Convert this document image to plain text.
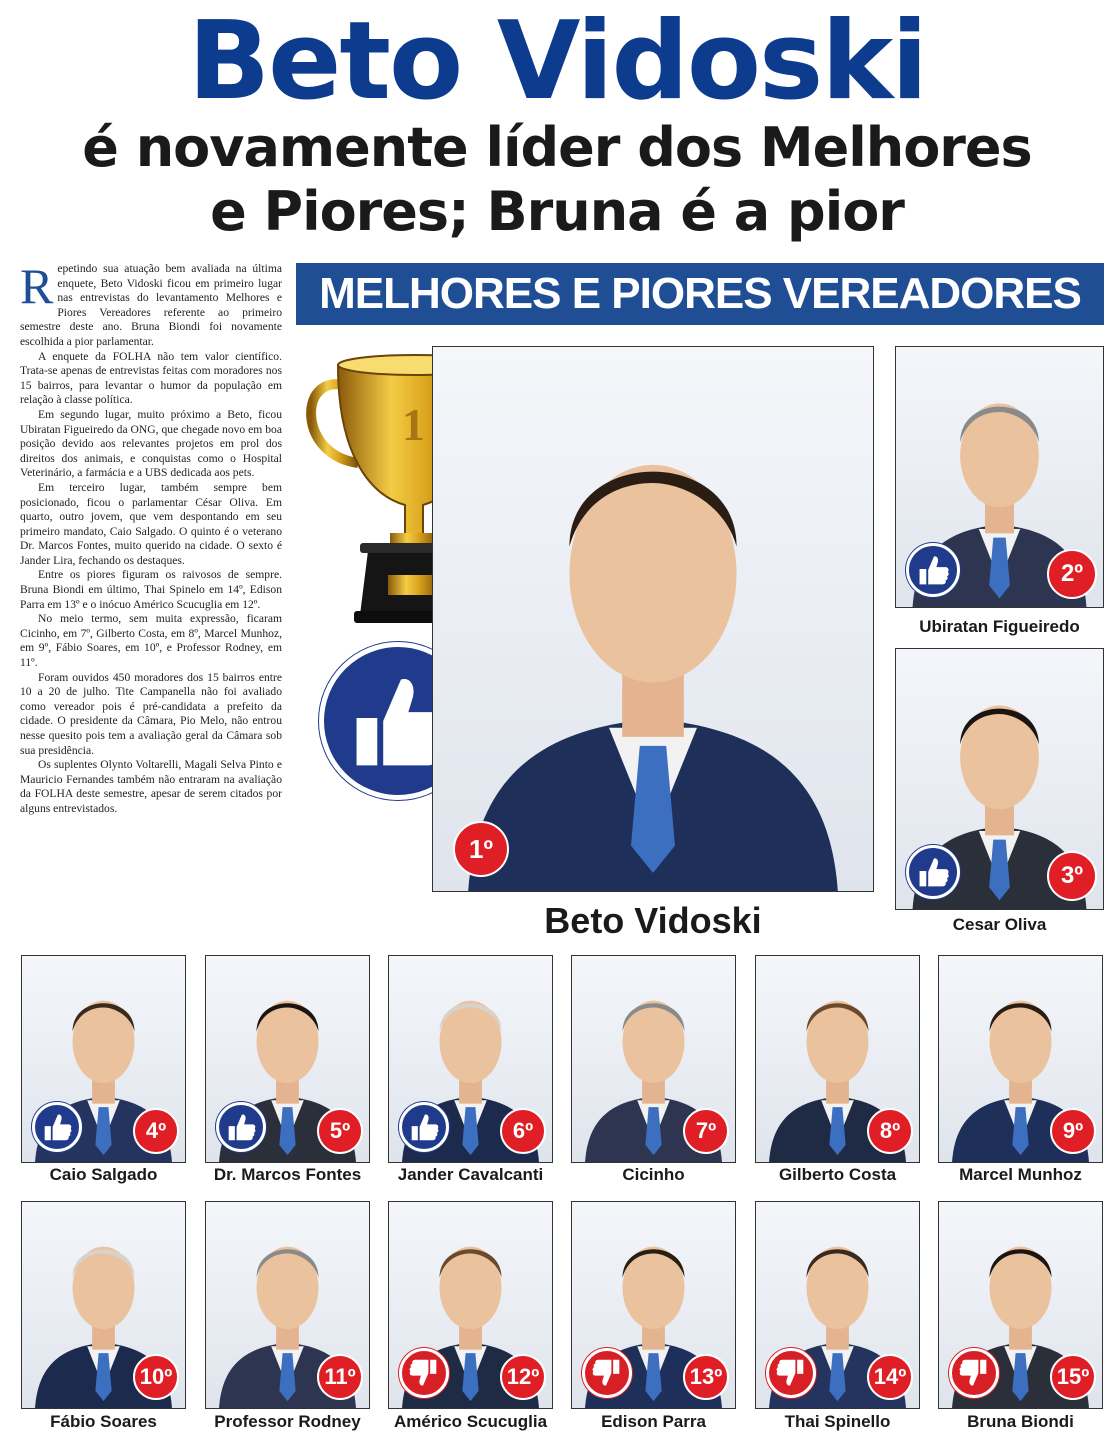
Beto Vidoski
é novamente líder dos Melhores
e Piores; Bruna é a pior
MELHORES E PIORES VEREADORES

Repetindo sua atuação bem avaliada na última enquete, Beto Vidoski ficou em primeiro lugar nas entrevistas do levantamento Melhores e Piores Vereadores referente ao primeiro semestre deste ano. Bruna Biondi foi novamente escolhida a pior parlamentar.

A enquete da FOLHA não tem valor científico. Trata-se apenas de entrevistas feitas com moradores nos 15 bairros, para levantar o humor da população em relação à classe política.

Em segundo lugar, muito próximo a Beto, ficou Ubiratan Figueiredo da ONG, que chegade novo em boa posição devido aos relevantes projetos em prol dos direitos dos animais, e conquistas como o Hospital Veterinário, a farmácia e a UBS dedicada aos pets.

Em terceiro lugar, também sempre bem posicionado, ficou o parlamentar César Oliva. Em quarto, outro jovem, que vem despontando em seu primeiro mandato, Caio Salgado. O quinto é o veterano Dr. Marcos Fontes, muito querido na cidade. O sexto é Jander Lira, fechando os destaques.

Entre os piores figuram os raivosos de sempre. Bruna Biondi em último, Thai Spinelo em 14º, Edison Parra em 13º e o inócuo Américo Scucuglia em 12º.

No meio termo, sem muita expressão, ficaram Cicinho, em 7º, Gilberto Costa, em 8º, Marcel Munhoz, em 9º, Fábio Soares, em 10º, e Professor Rodney, em 11º.

Foram ouvidos 450 moradores dos 15 bairros entre 10 a 20 de julho. Tite Campanella não foi avaliado como vereador pois é pré-candidata a prefeito da cidade. O presidente da Câmara, Pio Melo, não entrou nesse quesito pois tem a avaliação geral da Câmara sob sua presidência.

Os suplentes Olynto Voltarelli, Magali Selva Pinto e Mauricio Fernandes também não entraram na avaliação da FOLHA deste semestre, apesar de serem citados por alguns entrevistados.

1
1º
Beto Vidoski
2º
Ubiratan Figueiredo
3º
Cesar Oliva
4º
Caio Salgado
5º
Dr. Marcos Fontes
6º
Jander Cavalcanti
7º
Cicinho
8º
Gilberto Costa
9º
Marcel Munhoz
10º
Fábio Soares
11º
Professor Rodney
12º
Américo Scucuglia
13º
Edison Parra
14º
Thai Spinello
15º
Bruna Biondi
